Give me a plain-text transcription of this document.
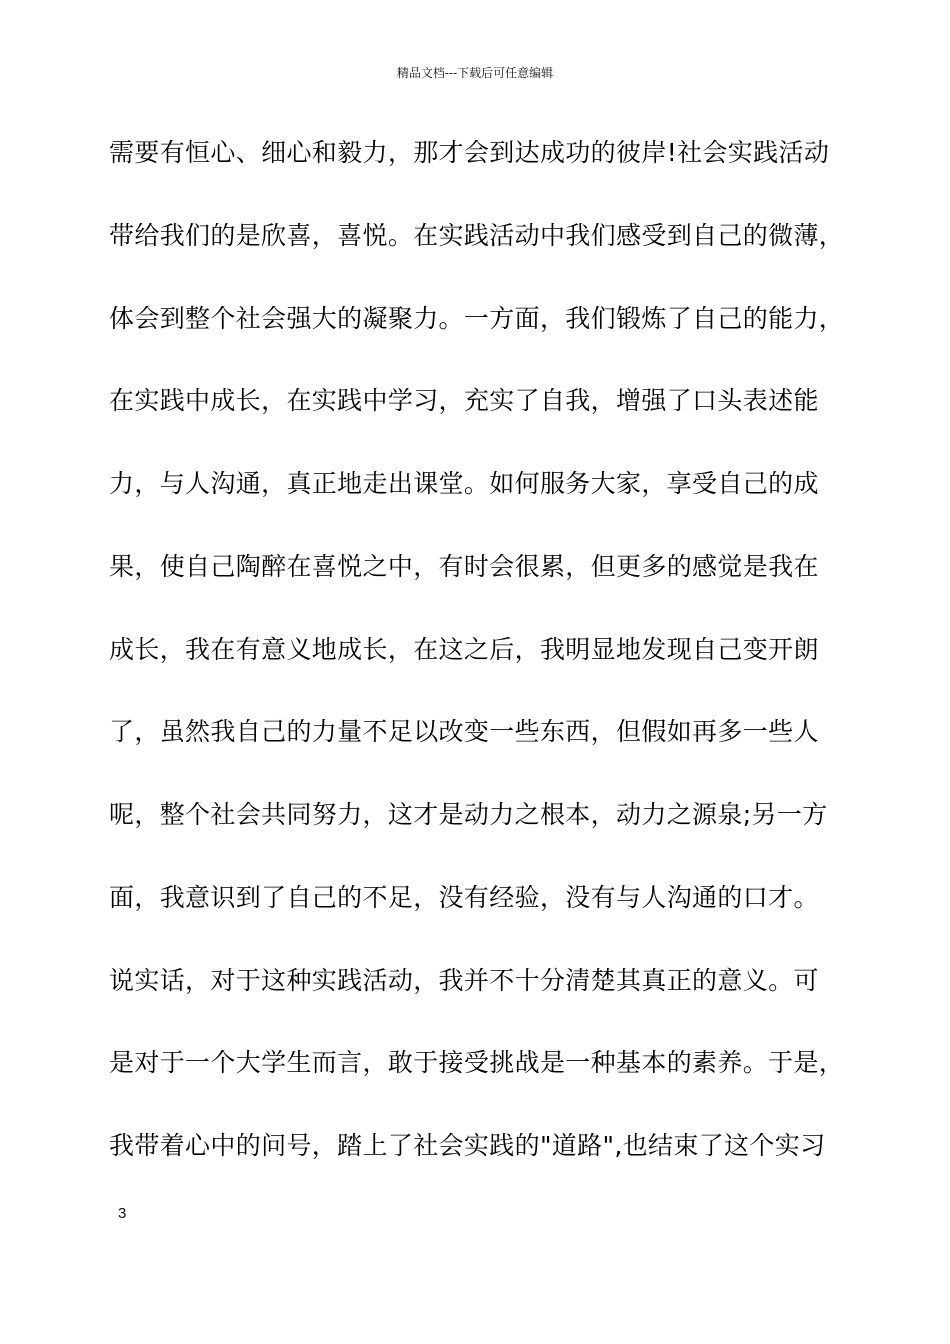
精品文档---下载后可任意编辑
需要有恒心、细心和毅力，那才会到达成功的彼岸!社会实践活动
带给我们的是欣喜，喜悦。在实践活动中我们感受到自己的微薄，
体会到整个社会强大的凝聚力。一方面，我们锻炼了自己的能力，
在实践中成长，在实践中学习，充实了自我，增强了口头表述能
力，与人沟通，真正地走出课堂。如何服务大家，享受自己的成
果，使自己陶醉在喜悦之中，有时会很累，但更多的感觉是我在
成长，我在有意义地成长，在这之后，我明显地发现自己变开朗
了，虽然我自己的力量不足以改变一些东西，但假如再多一些人
呢，整个社会共同努力，这才是动力之根本，动力之源泉;另一方
面，我意识到了自己的不足，没有经验，没有与人沟通的口才。
说实话，对于这种实践活动，我并不十分清楚其真正的意义。可
是对于一个大学生而言，敢于接受挑战是一种基本的素养。于是，
我带着心中的问号，踏上了社会实践的"道路",也结束了这个实习
3
